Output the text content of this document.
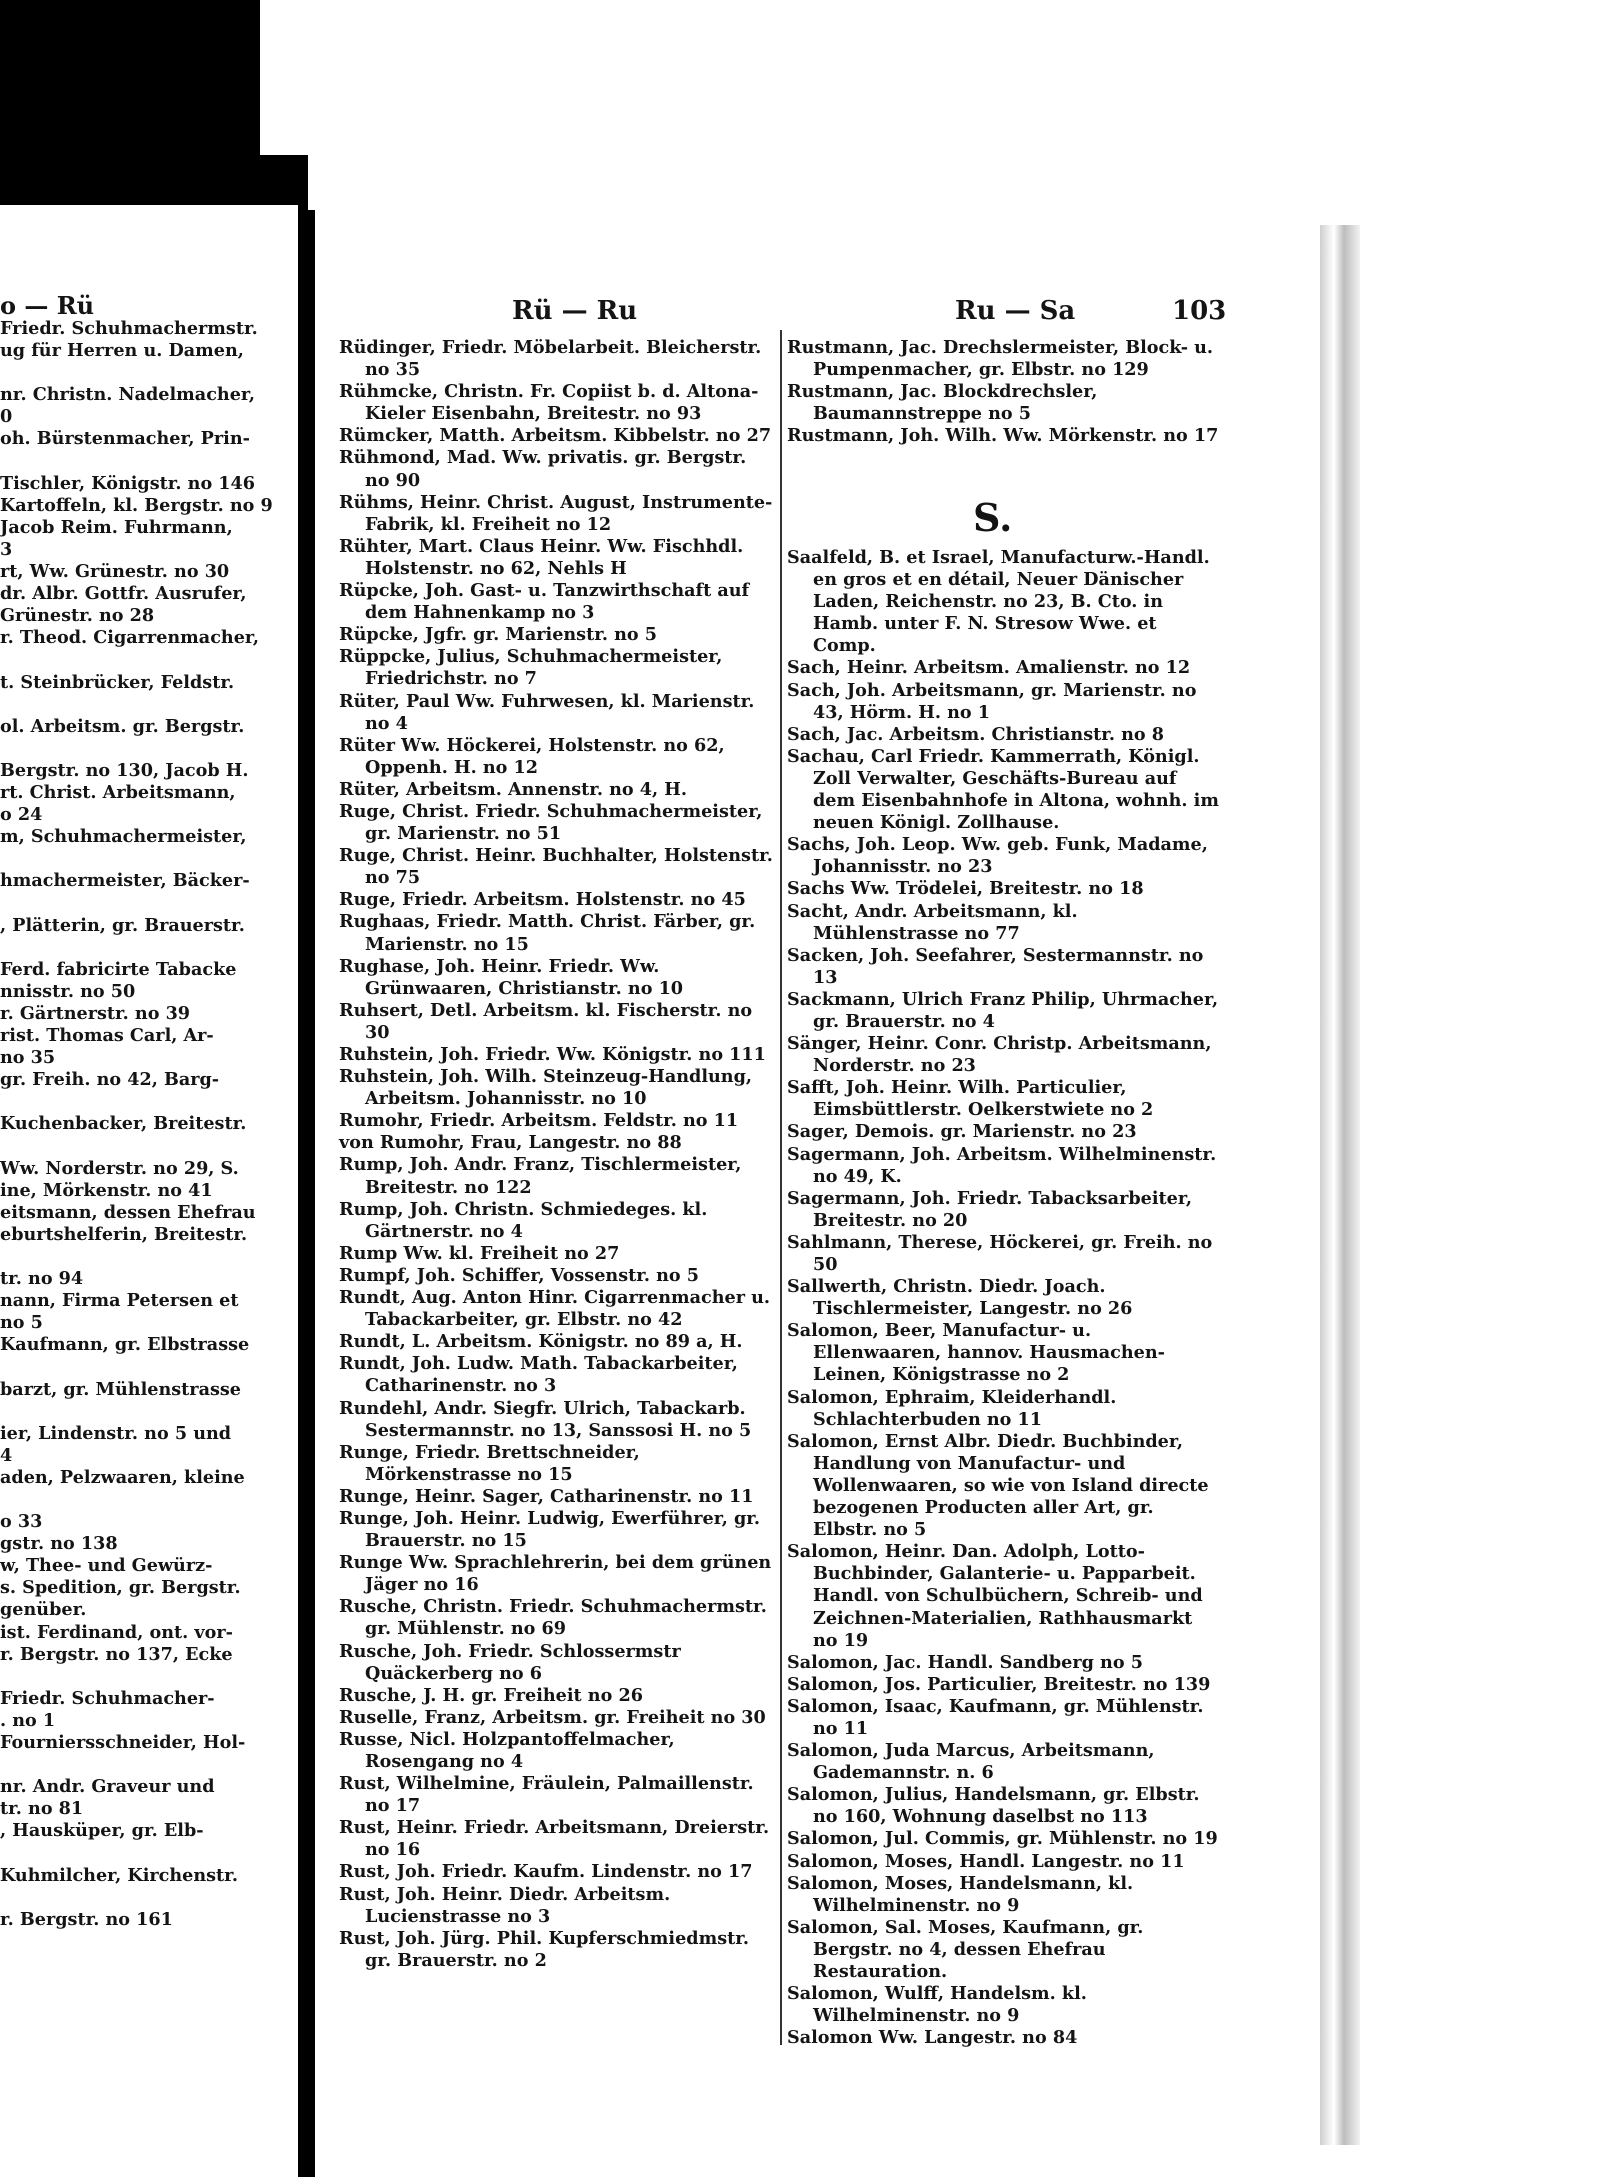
o — Rü
Friedr. Schuhmachermstr.
ug für Herren u. Damen,

nr. Christn. Nadelmacher,
0
oh. Bürstenmacher, Prin-

Tischler, Königstr. no 146
Kartoffeln, kl. Bergstr. no 9
Jacob Reim. Fuhrmann,
3
rt, Ww. Grünestr. no 30
dr. Albr. Gottfr. Ausrufer,
Grünestr. no 28
r. Theod. Cigarrenmacher,

t. Steinbrücker, Feldstr.

ol. Arbeitsm. gr. Bergstr.

Bergstr. no 130, Jacob H.
rt. Christ. Arbeitsmann,
o 24
m, Schuhmachermeister,

hmachermeister, Bäcker-

, Plätterin, gr. Brauerstr.

Ferd. fabricirte Tabacke
nnisstr. no 50
r. Gärtnerstr. no 39
rist. Thomas Carl, Ar-
no 35
gr. Freih. no 42, Barg-

Kuchenbacker, Breitestr.

Ww. Norderstr. no 29, S.
ine, Mörkenstr. no 41
eitsmann, dessen Ehefrau
eburtshelferin, Breitestr.

tr. no 94
nann, Firma Petersen et
no 5
Kaufmann, gr. Elbstrasse

barzt, gr. Mühlenstrasse

ier, Lindenstr. no 5 und
4
aden, Pelzwaaren, kleine

o 33
gstr. no 138
w, Thee- und Gewürz-
s. Spedition, gr. Bergstr.
genüber.
ist. Ferdinand, ont. vor-
r. Bergstr. no 137, Ecke

Friedr. Schuhmacher-
. no 1
Fourniersschneider, Hol-

nr. Andr. Graveur und
tr. no 81
, Hausküper, gr. Elb-

Kuhmilcher, Kirchenstr.

r. Bergstr. no 161
Rü — Ru	Ru — Sa	103
Rüdinger, Friedr. Möbelarbeit. Bleicherstr. no 35
Rühmcke, Christn. Fr. Copiist b. d. Altona-Kieler Eisenbahn, Breitestr. no 93
Rümcker, Matth. Arbeitsm. Kibbelstr. no 27
Rühmond, Mad. Ww. privatis. gr. Bergstr. no 90
Rühms, Heinr. Christ. August, Instrumente-Fabrik, kl. Freiheit no 12
Rühter, Mart. Claus Heinr. Ww. Fischhdl. Holstenstr. no 62, Nehls H
Rüpcke, Joh. Gast- u. Tanzwirthschaft auf dem Hahnenkamp no 3
Rüpcke, Jgfr. gr. Marienstr. no 5
Rüppcke, Julius, Schuhmachermeister, Friedrichstr. no 7
Rüter, Paul Ww. Fuhrwesen, kl. Marienstr. no 4
Rüter Ww. Höckerei, Holstenstr. no 62, Oppenh. H. no 12
Rüter, Arbeitsm. Annenstr. no 4, H.
Ruge, Christ. Friedr. Schuhmachermeister, gr. Marienstr. no 51
Ruge, Christ. Heinr. Buchhalter, Holstenstr. no 75
Ruge, Friedr. Arbeitsm. Holstenstr. no 45
Rughaas, Friedr. Matth. Christ. Färber, gr. Marienstr. no 15
Rughase, Joh. Heinr. Friedr. Ww. Grünwaaren, Christianstr. no 10
Ruhsert, Detl. Arbeitsm. kl. Fischerstr. no 30
Ruhstein, Joh. Friedr. Ww. Königstr. no 111
Ruhstein, Joh. Wilh. Steinzeug-Handlung, Arbeitsm. Johannisstr. no 10
Rumohr, Friedr. Arbeitsm. Feldstr. no 11
von Rumohr, Frau, Langestr. no 88
Rump, Joh. Andr. Franz, Tischlermeister, Breitestr. no 122
Rump, Joh. Christn. Schmiedeges. kl. Gärtnerstr. no 4
Rump Ww. kl. Freiheit no 27
Rumpf, Joh. Schiffer, Vossenstr. no 5
Rundt, Aug. Anton Hinr. Cigarrenmacher u. Tabackarbeiter, gr. Elbstr. no 42
Rundt, L. Arbeitsm. Königstr. no 89 a, H.
Rundt, Joh. Ludw. Math. Tabackarbeiter, Catharinenstr. no 3
Rundehl, Andr. Siegfr. Ulrich, Tabackarb. Sestermannstr. no 13, Sanssosi H. no 5
Runge, Friedr. Brettschneider, Mörkenstrasse no 15
Runge, Heinr. Sager, Catharinenstr. no 11
Runge, Joh. Heinr. Ludwig, Ewerführer, gr. Brauerstr. no 15
Runge Ww. Sprachlehrerin, bei dem grünen Jäger no 16
Rusche, Christn. Friedr. Schuhmachermstr. gr. Mühlenstr. no 69
Rusche, Joh. Friedr. Schlossermstr Quäckerberg no 6
Rusche, J. H. gr. Freiheit no 26
Ruselle, Franz, Arbeitsm. gr. Freiheit no 30
Russe, Nicl. Holzpantoffelmacher, Rosengang no 4
Rust, Wilhelmine, Fräulein, Palmaillenstr. no 17
Rust, Heinr. Friedr. Arbeitsmann, Dreierstr. no 16
Rust, Joh. Friedr. Kaufm. Lindenstr. no 17
Rust, Joh. Heinr. Diedr. Arbeitsm. Lucienstrasse no 3
Rust, Joh. Jürg. Phil. Kupferschmiedmstr. gr. Brauerstr. no 2
Rustmann, Jac. Drechslermeister, Block- u. Pumpenmacher, gr. Elbstr. no 129
Rustmann, Jac. Blockdrechsler, Baumannstreppe no 5
Rustmann, Joh. Wilh. Ww. Mörkenstr. no 17
S.
Saalfeld, B. et Israel, Manufacturw.-Handl. en gros et en détail, Neuer Dänischer Laden, Reichenstr. no 23, B. Cto. in Hamb. unter F. N. Stresow Wwe. et Comp.
Sach, Heinr. Arbeitsm. Amalienstr. no 12
Sach, Joh. Arbeitsmann, gr. Marienstr. no 43, Hörm. H. no 1
Sach, Jac. Arbeitsm. Christianstr. no 8
Sachau, Carl Friedr. Kammerrath, Königl. Zoll Verwalter, Geschäfts-Bureau auf dem Eisenbahnhofe in Altona, wohnh. im neuen Königl. Zollhause.
Sachs, Joh. Leop. Ww. geb. Funk, Madame, Johannisstr. no 23
Sachs Ww. Trödelei, Breitestr. no 18
Sacht, Andr. Arbeitsmann, kl. Mühlenstrasse no 77
Sacken, Joh. Seefahrer, Sestermannstr. no 13
Sackmann, Ulrich Franz Philip, Uhrmacher, gr. Brauerstr. no 4
Sänger, Heinr. Conr. Christp. Arbeitsmann, Norderstr. no 23
Safft, Joh. Heinr. Wilh. Particulier, Eimsbüttlerstr. Oelkerstwiete no 2
Sager, Demois. gr. Marienstr. no 23
Sagermann, Joh. Arbeitsm. Wilhelminenstr. no 49, K.
Sagermann, Joh. Friedr. Tabacksarbeiter, Breitestr. no 20
Sahlmann, Therese, Höckerei, gr. Freih. no 50
Sallwerth, Christn. Diedr. Joach. Tischlermeister, Langestr. no 26
Salomon, Beer, Manufactur- u. Ellenwaaren, hannov. Hausmachen-Leinen, Königstrasse no 2
Salomon, Ephraim, Kleiderhandl. Schlachterbuden no 11
Salomon, Ernst Albr. Diedr. Buchbinder, Handlung von Manufactur- und Wollenwaaren, so wie von Island directe bezogenen Producten aller Art, gr. Elbstr. no 5
Salomon, Heinr. Dan. Adolph, Lotto-Buchbinder, Galanterie- u. Papparbeit. Handl. von Schulbüchern, Schreib- und Zeichnen-Materialien, Rathhausmarkt no 19
Salomon, Jac. Handl. Sandberg no 5
Salomon, Jos. Particulier, Breitestr. no 139
Salomon, Isaac, Kaufmann, gr. Mühlenstr. no 11
Salomon, Juda Marcus, Arbeitsmann, Gademannstr. n. 6
Salomon, Julius, Handelsmann, gr. Elbstr. no 160, Wohnung daselbst no 113
Salomon, Jul. Commis, gr. Mühlenstr. no 19
Salomon, Moses, Handl. Langestr. no 11
Salomon, Moses, Handelsmann, kl. Wilhelminenstr. no 9
Salomon, Sal. Moses, Kaufmann, gr. Bergstr. no 4, dessen Ehefrau Restauration.
Salomon, Wulff, Handelsm. kl. Wilhelminenstr. no 9
Salomon Ww. Langestr. no 84
